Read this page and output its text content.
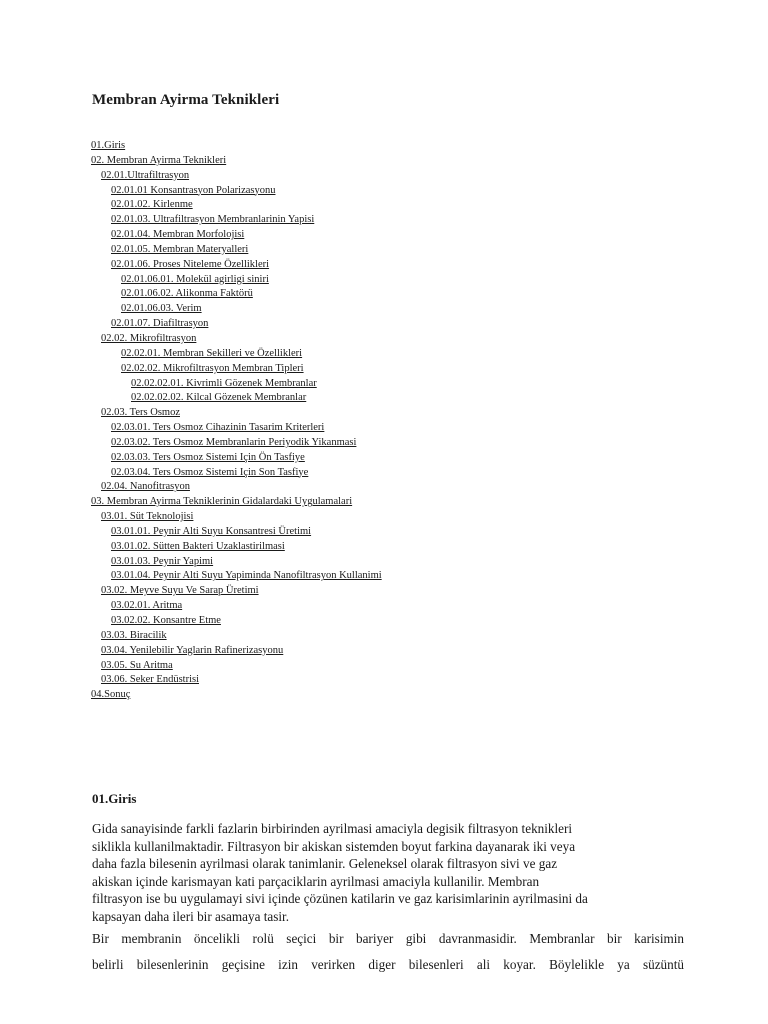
Membran Ayirma Teknikleri
01.Giris
02. Membran Ayirma Teknikleri
02.01.Ultrafiltrasyon
02.01.01 Konsantrasyon Polarizasyonu
02.01.02. Kirlenme
02.01.03. Ultrafiltrasyon Membranlarinin Yapisi
02.01.04. Membran Morfolojisi
02.01.05. Membran Materyalleri
02.01.06. Proses Niteleme Özellikleri
02.01.06.01. Molekül agirligi siniri
02.01.06.02. Alikonma Faktörü
02.01.06.03. Verim
02.01.07. Diafiltrasyon
02.02. Mikrofiltrasyon
02.02.01. Membran Sekilleri ve Özellikleri
02.02.02. Mikrofiltrasyon Membran Tipleri
02.02.02.01. Kivrimli Gözenek Membranlar
02.02.02.02. Kilcal Gözenek Membranlar
02.03. Ters Osmoz
02.03.01. Ters Osmoz Cihazinin Tasarim Kriterleri
02.03.02. Ters Osmoz Membranlarin Periyodik Yikanmasi
02.03.03. Ters Osmoz Sistemi Için Ön Tasfiye
02.03.04. Ters Osmoz Sistemi Için Son Tasfiye
02.04. Nanofitrasyon
03. Membran Ayirma Tekniklerinin Gidalardaki Uygulamalari
03.01. Süt Teknolojisi
03.01.01. Peynir Alti Suyu Konsantresi Üretimi
03.01.02. Sütten Bakteri Uzaklastirilmasi
03.01.03. Peynir Yapimi
03.01.04. Peynir Alti Suyu Yapiminda Nanofiltrasyon Kullanimi
03.02. Meyve Suyu Ve Sarap Üretimi
03.02.01. Aritma
03.02.02. Konsantre Etme
03.03. Biracilik
03.04. Yenilebilir Yaglarin Rafinerizasyonu
03.05. Su Aritma
03.06. Seker Endüstrisi
04.Sonuç
01.Giris

Gida sanayisinde farkli fazlarin birbirinden ayrilmasi amaciyla degisik filtrasyon teknikleri
siklikla kullanilmaktadir. Filtrasyon bir akiskan sistemden boyut farkina dayanarak iki veya
daha fazla bilesenin ayrilmasi olarak tanimlanir. Geleneksel olarak filtrasyon sivi ve gaz
akiskan içinde karismayan kati parçaciklarin ayrilmasi amaciyla kullanilir. Membran
filtrasyon ise bu uygulamayi sivi içinde çözünen katilarin ve gaz karisimlarinin ayrilmasini da
kapsayan daha ileri bir asamaya tasir.

Bir membranin öncelikli rolü seçici bir bariyer gibi davranmasidir. Membranlar bir karisimin
belirli bilesenlerinin geçisine izin verirken diger bilesenleri ali koyar. Böylelikle ya süzüntü
